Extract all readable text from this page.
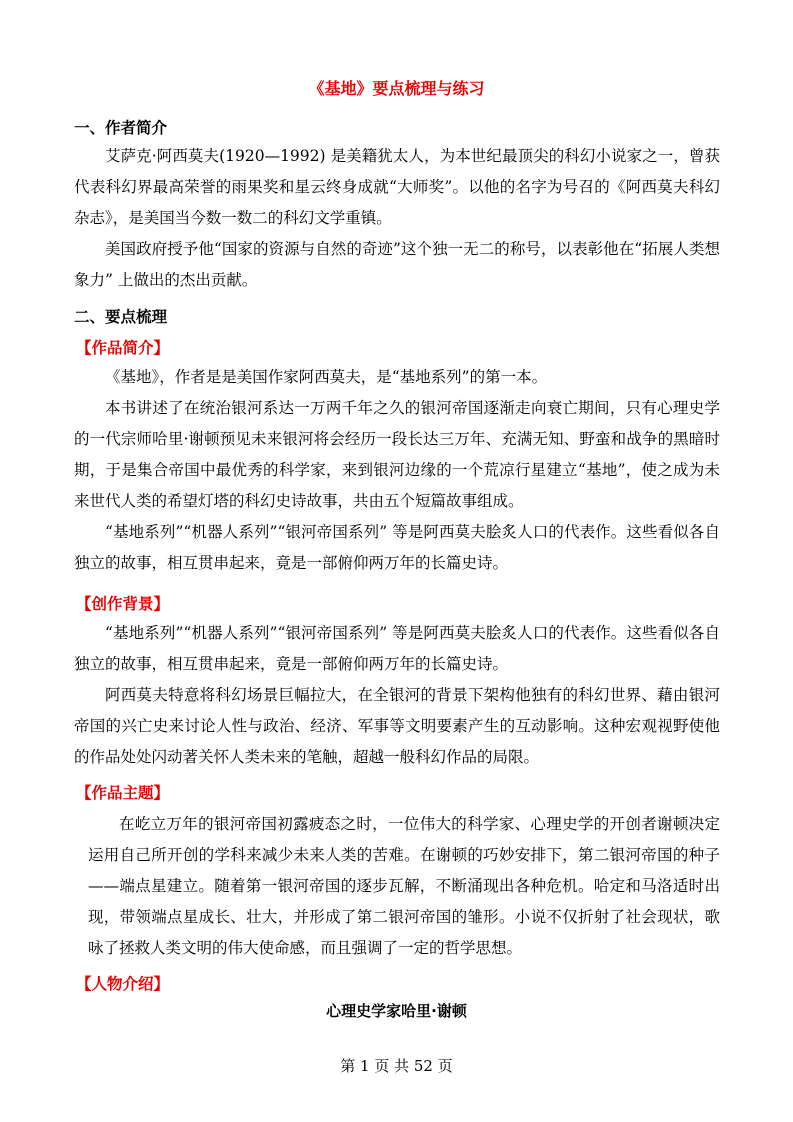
《基地》要点梳理与练习
一、作者简介
艾萨克·阿西莫夫(1920—1992) 是美籍犹太人，为本世纪最顶尖的科幻小说家之一，曾获代表科幻界最高荣誉的雨果奖和星云终身成就“大师奖”。以他的名字为号召的《阿西莫夫科幻杂志》，是美国当今数一数二的科幻文学重镇。
美国政府授予他“国家的资源与自然的奇迹”这个独一无二的称号，以表彰他在“拓展人类想象力” 上做出的杰出贡献。
二、要点梳理
【作品简介】
《基地》，作者是是美国作家阿西莫夫，是“基地系列”的第一本。
本书讲述了在统治银河系达一万两千年之久的银河帝国逐渐走向衰亡期间，只有心理史学的一代宗师哈里·谢顿预见未来银河将会经历一段长达三万年、充满无知、野蛮和战争的黑暗时期，于是集合帝国中最优秀的科学家，来到银河边缘的一个荒凉行星建立“基地”，使之成为未来世代人类的希望灯塔的科幻史诗故事，共由五个短篇故事组成。
“基地系列”“机器人系列”“银河帝国系列” 等是阿西莫夫脍炙人口的代表作。这些看似各自独立的故事，相互贯串起来，竟是一部俯仰两万年的长篇史诗。
【创作背景】
“基地系列”“机器人系列”“银河帝国系列” 等是阿西莫夫脍炙人口的代表作。这些看似各自独立的故事，相互贯串起来，竟是一部俯仰两万年的长篇史诗。
阿西莫夫特意将科幻场景巨幅拉大，在全银河的背景下架构他独有的科幻世界、藉由银河帝国的兴亡史来讨论人性与政治、经济、军事等文明要素产生的互动影响。这种宏观视野使他的作品处处闪动著关怀人类未来的笔触，超越一般科幻作品的局限。
【作品主题】
在屹立万年的银河帝国初露疲态之时，一位伟大的科学家、心理史学的开创者谢顿决定运用自己所开创的学科来减少未来人类的苦难。在谢顿的巧妙安排下，第二银河帝国的种子——端点星建立。随着第一银河帝国的逐步瓦解，不断涌现出各种危机。哈定和马洛适时出现，带领端点星成长、壮大，并形成了第二银河帝国的雏形。小说不仅折射了社会现状，歌咏了拯救人类文明的伟大使命感，而且强调了一定的哲学思想。
【人物介绍】
心理史学家哈里·谢顿
第 1 页 共 52 页
